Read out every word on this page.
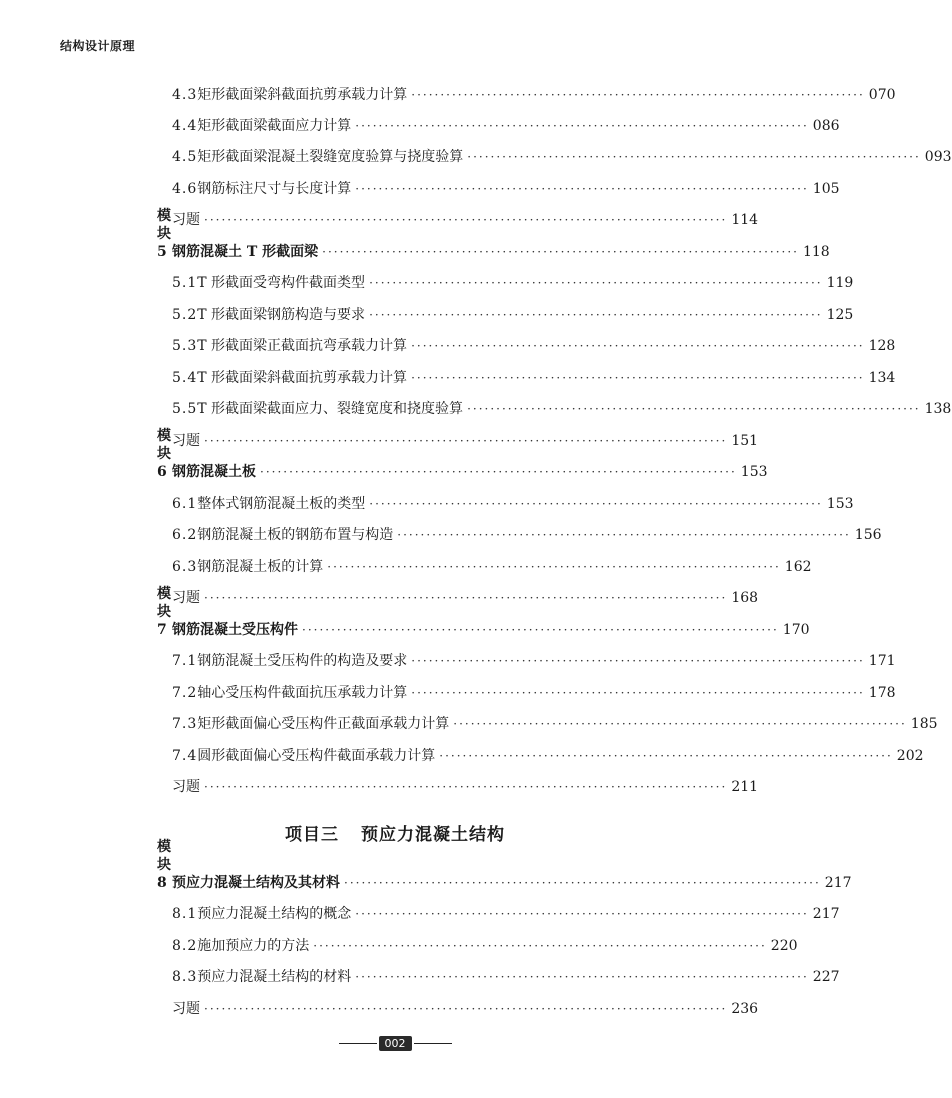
结构设计原理
4.3 矩形截面梁斜截面抗剪承载力计算 ·············································································· 070
4.4 矩形截面梁截面应力计算 ·············································································· 086
4.5 矩形截面梁混凝土裂缝宽度验算与挠度验算 ·············································································· 093
4.6 钢筋标注尺寸与长度计算 ·············································································· 105
习题 ·························································································· 114
模块 5 钢筋混凝土 T 形截面梁 ·················································································· 118
5.1 T 形截面受弯构件截面类型 ·············································································· 119
5.2 T 形截面梁钢筋构造与要求 ·············································································· 125
5.3 T 形截面梁正截面抗弯承载力计算 ·············································································· 128
5.4 T 形截面梁斜截面抗剪承载力计算 ·············································································· 134
5.5 T 形截面梁截面应力、裂缝宽度和挠度验算 ·············································································· 138
习题 ·························································································· 151
模块 6 钢筋混凝土板 ·················································································· 153
6.1 整体式钢筋混凝土板的类型 ·············································································· 153
6.2 钢筋混凝土板的钢筋布置与构造 ·············································································· 156
6.3 钢筋混凝土板的计算 ·············································································· 162
习题 ·························································································· 168
模块 7 钢筋混凝土受压构件 ·················································································· 170
7.1 钢筋混凝土受压构件的构造及要求 ·············································································· 171
7.2 轴心受压构件截面抗压承载力计算 ·············································································· 178
7.3 矩形截面偏心受压构件正截面承载力计算 ·············································································· 185
7.4 圆形截面偏心受压构件截面承载力计算 ·············································································· 202
习题 ·························································································· 211
项目三 预应力混凝土结构
模块 8 预应力混凝土结构及其材料 ·················································································· 217
8.1 预应力混凝土结构的概念 ·············································································· 217
8.2 施加预应力的方法 ·············································································· 220
8.3 预应力混凝土结构的材料 ·············································································· 227
习题 ·························································································· 236
002
